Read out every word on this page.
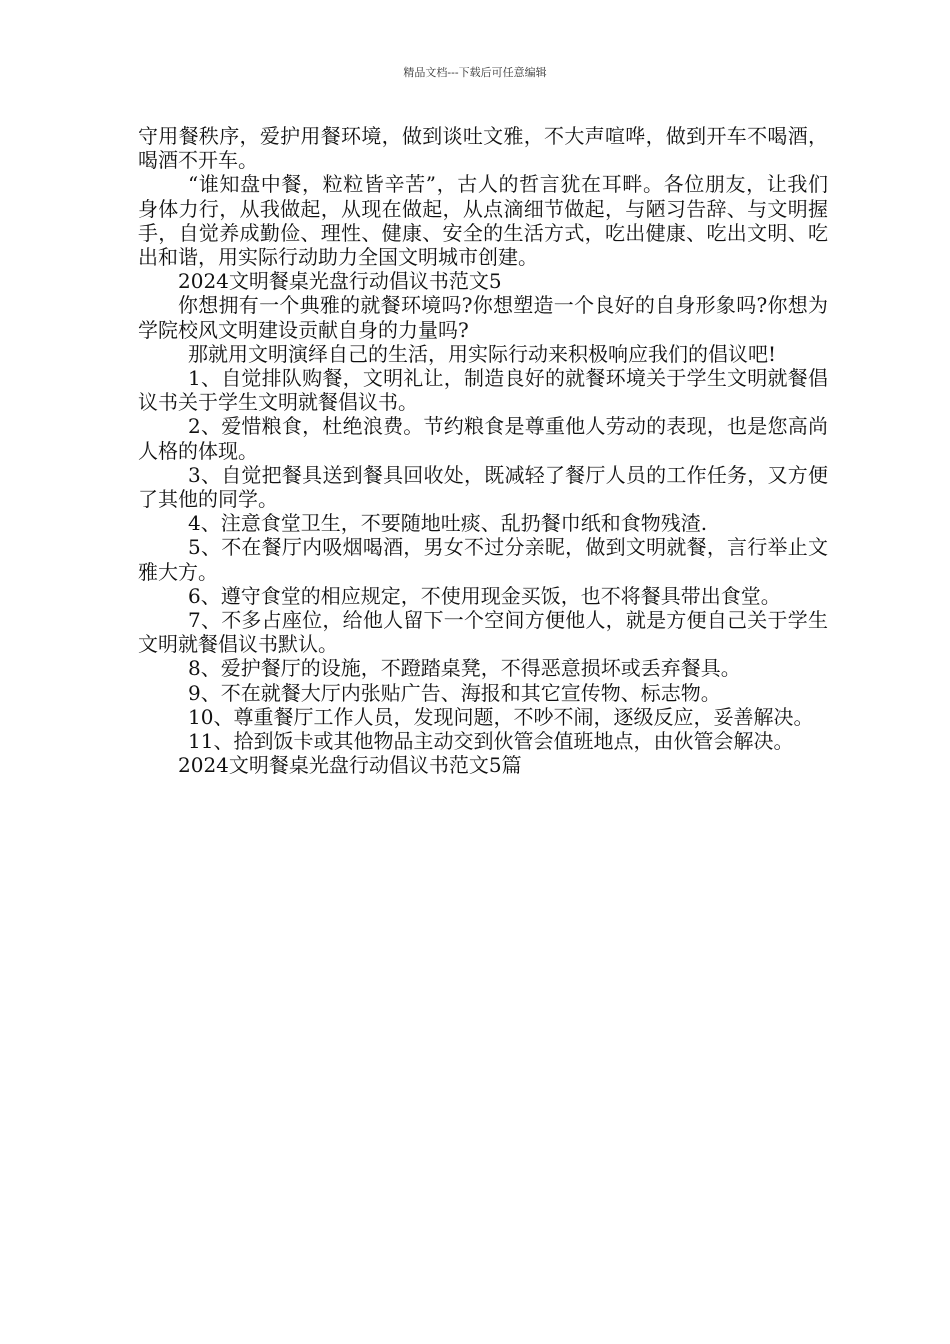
精品文档---下载后可任意编辑

守用餐秩序，爱护用餐环境，做到谈吐文雅，不大声喧哗，做到开车不喝酒，喝酒不开车。

“谁知盘中餐，粒粒皆辛苦”，古人的哲言犹在耳畔。各位朋友，让我们身体力行，从我做起，从现在做起，从点滴细节做起，与陋习告辞、与文明握手，自觉养成勤俭、理性、健康、安全的生活方式，吃出健康、吃出文明、吃出和谐，用实际行动助力全国文明城市创建。

2024文明餐桌光盘行动倡议书范文5

你想拥有一个典雅的就餐环境吗?你想塑造一个良好的自身形象吗?你想为学院校风文明建设贡献自身的力量吗?

那就用文明演绎自己的生活，用实际行动来积极响应我们的倡议吧!

1、自觉排队购餐，文明礼让，制造良好的就餐环境关于学生文明就餐倡议书关于学生文明就餐倡议书。

2、爱惜粮食，杜绝浪费。节约粮食是尊重他人劳动的表现，也是您高尚人格的体现。

3、自觉把餐具送到餐具回收处，既减轻了餐厅人员的工作任务，又方便了其他的同学。

4、注意食堂卫生，不要随地吐痰、乱扔餐巾纸和食物残渣.

5、不在餐厅内吸烟喝酒，男女不过分亲昵，做到文明就餐，言行举止文雅大方。

6、遵守食堂的相应规定，不使用现金买饭，也不将餐具带出食堂。

7、不多占座位，给他人留下一个空间方便他人，就是方便自己关于学生文明就餐倡议书默认。

8、爱护餐厅的设施，不蹬踏桌凳，不得恶意损坏或丢弃餐具。

9、不在就餐大厅内张贴广告、海报和其它宣传物、标志物。

10、尊重餐厅工作人员，发现问题，不吵不闹，逐级反应，妥善解决。

11、拾到饭卡或其他物品主动交到伙管会值班地点，由伙管会解决。

2024文明餐桌光盘行动倡议书范文5篇
